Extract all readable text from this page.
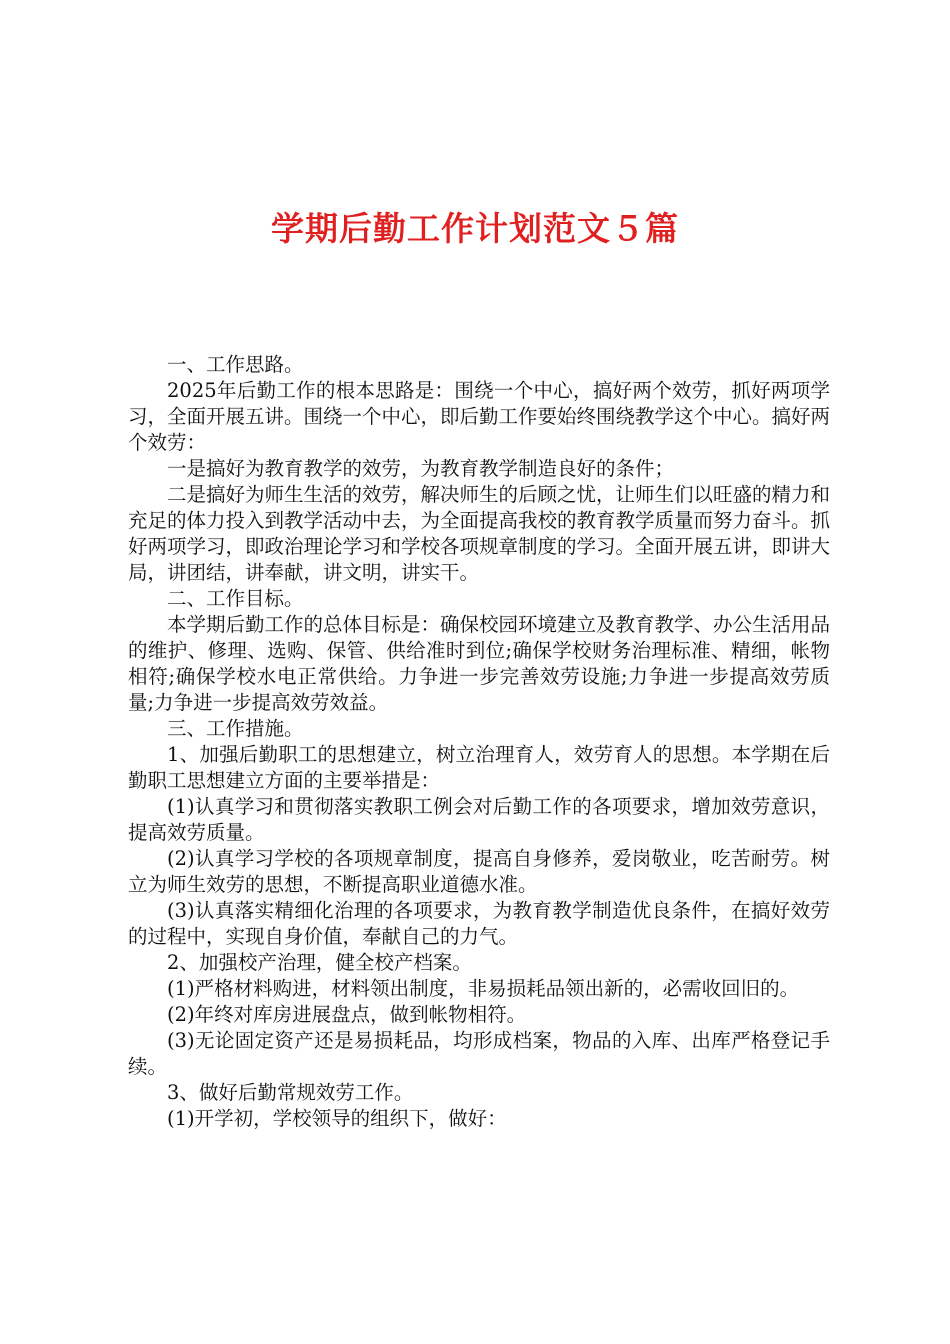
学期后勤工作计划范文５篇

一、工作思路。

2025年后勤工作的根本思路是：围绕一个中心，搞好两个效劳，抓好两项学习，全面开展五讲。围绕一个中心，即后勤工作要始终围绕教学这个中心。搞好两个效劳：

一是搞好为教育教学的效劳，为教育教学制造良好的条件；

二是搞好为师生生活的效劳，解决师生的后顾之忧，让师生们以旺盛的精力和充足的体力投入到教学活动中去，为全面提高我校的教育教学质量而努力奋斗。抓好两项学习，即政治理论学习和学校各项规章制度的学习。全面开展五讲，即讲大局，讲团结，讲奉献，讲文明，讲实干。

二、工作目标。

本学期后勤工作的总体目标是：确保校园环境建立及教育教学、办公生活用品的维护、修理、选购、保管、供给准时到位;确保学校财务治理标准、精细，帐物相符;确保学校水电正常供给。力争进一步完善效劳设施;力争进一步提高效劳质量;力争进一步提高效劳效益。

三、工作措施。

1、加强后勤职工的思想建立，树立治理育人，效劳育人的思想。本学期在后勤职工思想建立方面的主要举措是：

(1)认真学习和贯彻落实教职工例会对后勤工作的各项要求，增加效劳意识，提高效劳质量。

(2)认真学习学校的各项规章制度，提高自身修养，爱岗敬业，吃苦耐劳。树立为师生效劳的思想，不断提高职业道德水准。

(3)认真落实精细化治理的各项要求，为教育教学制造优良条件，在搞好效劳的过程中，实现自身价值，奉献自己的力气。

2、加强校产治理，健全校产档案。

(1)严格材料购进，材料领出制度，非易损耗品领出新的，必需收回旧的。

(2)年终对库房进展盘点，做到帐物相符。

(3)无论固定资产还是易损耗品，均形成档案，物品的入库、出库严格登记手续。

3、做好后勤常规效劳工作。

(1)开学初，学校领导的组织下，做好：
